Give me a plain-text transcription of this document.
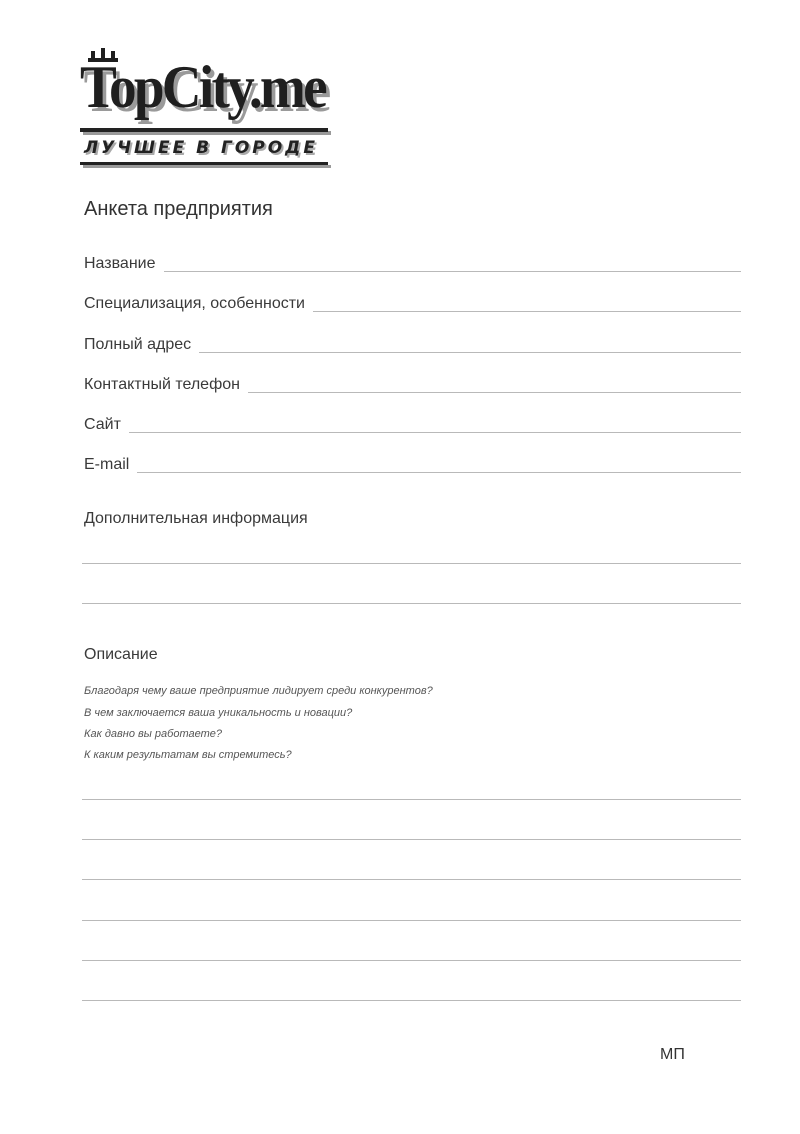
TopCity.me
ЛУЧШЕЕ В ГОРОДЕ
Анкета предприятия
Название
Специализация, особенности
Полный адрес
Контактный телефон
Сайт
E-mail
Дополнительная информация
Описание
Благодаря чему ваше предприятие лидирует среди конкурентов?
В чем заключается ваша уникальность и новации?
Как давно вы работаете?
К каким результатам вы стремитесь?
МП
